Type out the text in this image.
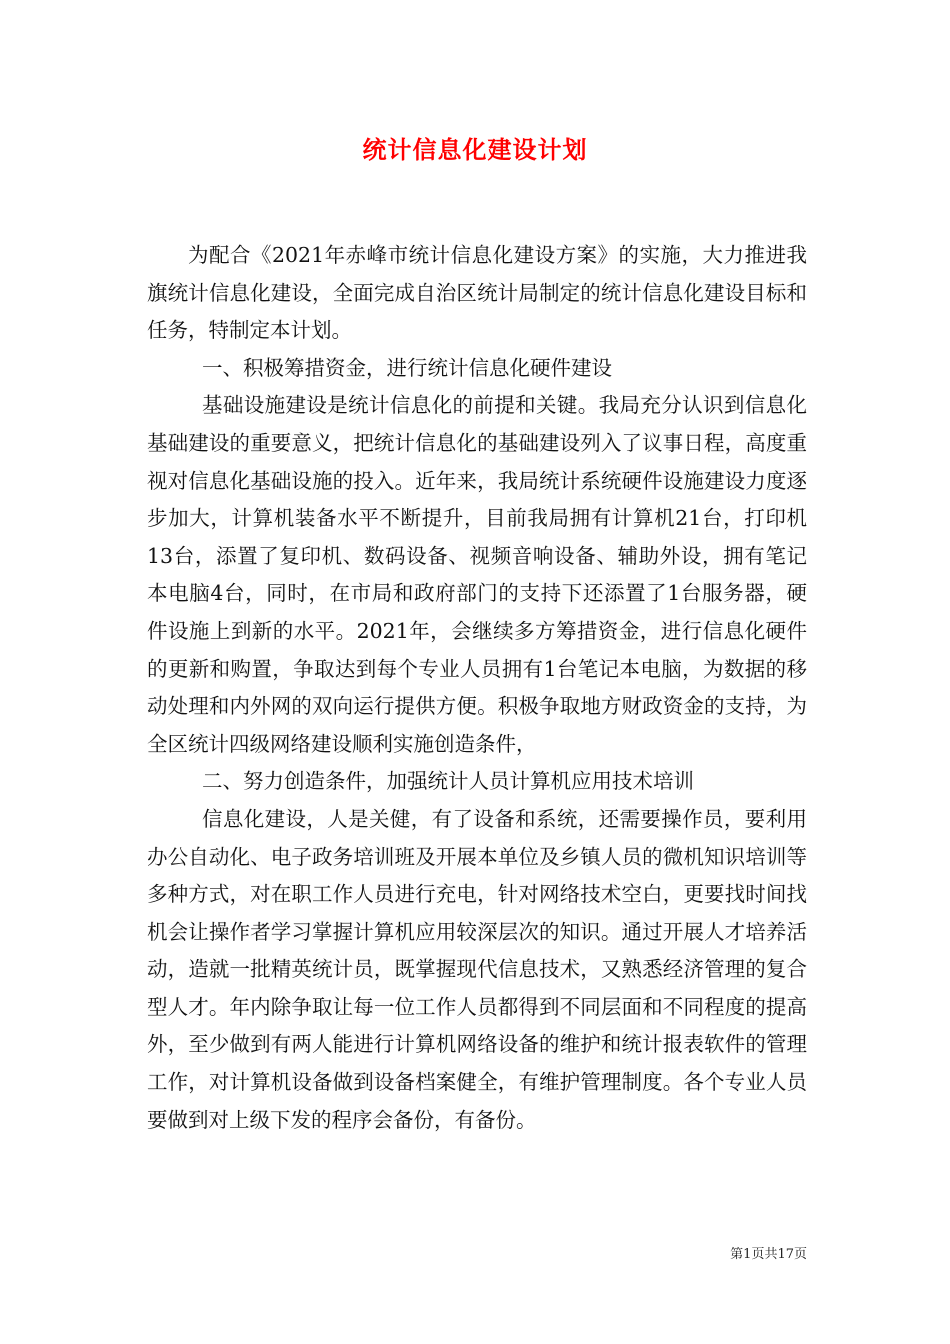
统计信息化建设计划

为配合《2021年赤峰市统计信息化建设方案》的实施，大力推进我旗统计信息化建设，全面完成自治区统计局制定的统计信息化建设目标和任务，特制定本计划。

一、积极筹措资金，进行统计信息化硬件建设

基础设施建设是统计信息化的前提和关键。我局充分认识到信息化基础建设的重要意义，把统计信息化的基础建设列入了议事日程，高度重视对信息化基础设施的投入。近年来，我局统计系统硬件设施建设力度逐步加大，计算机装备水平不断提升，目前我局拥有计算机21台，打印机13台，添置了复印机、数码设备、视频音响设备、辅助外设，拥有笔记本电脑4台，同时，在市局和政府部门的支持下还添置了1台服务器，硬件设施上到新的水平。2021年，会继续多方筹措资金，进行信息化硬件的更新和购置，争取达到每个专业人员拥有1台笔记本电脑，为数据的移动处理和内外网的双向运行提供方便。积极争取地方财政资金的支持，为全区统计四级网络建设顺利实施创造条件，

二、努力创造条件，加强统计人员计算机应用技术培训

信息化建设，人是关健，有了设备和系统，还需要操作员，要利用办公自动化、电子政务培训班及开展本单位及乡镇人员的微机知识培训等多种方式，对在职工作人员进行充电，针对网络技术空白，更要找时间找机会让操作者学习掌握计算机应用较深层次的知识。通过开展人才培养活动，造就一批精英统计员，既掌握现代信息技术，又熟悉经济管理的复合型人才。年内除争取让每一位工作人员都得到不同层面和不同程度的提高外，至少做到有两人能进行计算机网络设备的维护和统计报表软件的管理工作，对计算机设备做到设备档案健全，有维护管理制度。各个专业人员要做到对上级下发的程序会备份，有备份。

第1页共17页
